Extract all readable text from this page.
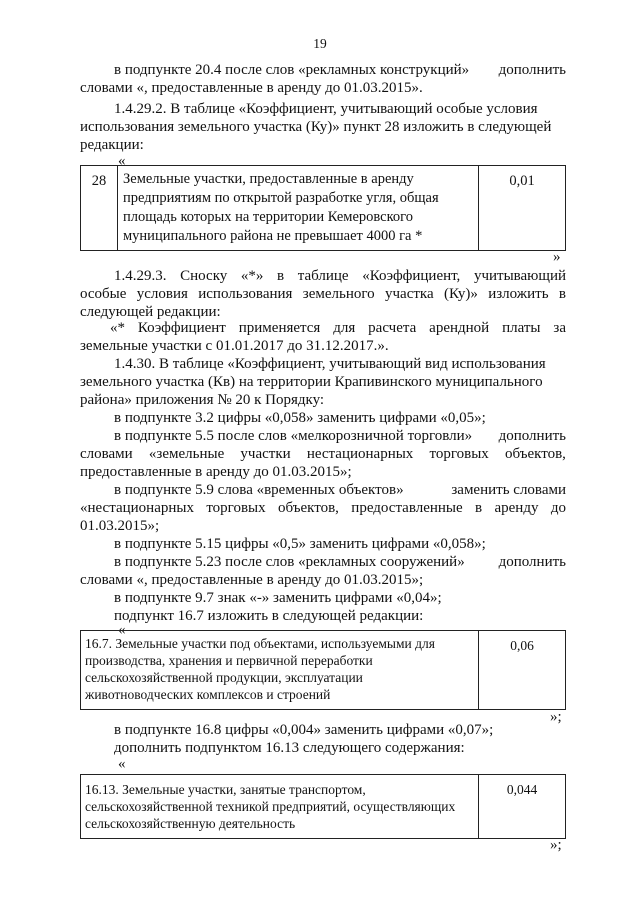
19
в подпункте 20.4 после слов «рекламных конструкций» дополнить
словами «, предоставленные в аренду до 01.03.2015».
1.4.29.2. В таблице «Коэффициент, учитывающий особые условия
использования земельного участка (Ку)» пункт 28 изложить в следующей
редакции:
«
28	Земельные участки, предоставленные в аренду
предприятиям по открытой разработке угля, общая
площадь которых на территории Кемеровского
муниципального района не превышает 4000 га *
	0,01
»
1.4.29.3. Сноску «*» в таблице «Коэффициент, учитывающий
особые условия использования земельного участка (Ку)» изложить в
следующей редакции:
«* Коэффициент применяется для расчета арендной платы за
земельные участки с 01.01.2017 до 31.12.2017.».
1.4.30. В таблице «Коэффициент, учитывающий вид использования
земельного участка (Кв) на территории Крапивинского муниципального
района» приложения № 20 к Порядку:
в подпункте 3.2 цифры «0,058» заменить цифрами «0,05»;
в подпункте 5.5 после слов «мелкорозничной торговли» дополнить
словами «земельные участки нестационарных торговых объектов,
предоставленные в аренду до 01.03.2015»;
в подпункте 5.9 слова «временных объектов»	заменить словами
«нестационарных торговых объектов, предоставленные в аренду до
01.03.2015»;
в подпункте 5.15 цифры «0,5» заменить цифрами «0,058»;
в подпункте 5.23 после слов «рекламных сооружений» дополнить
словами «, предоставленные в аренду до 01.03.2015»;
в подпункте 9.7 знак «-» заменить цифрами «0,04»;
подпункт 16.7 изложить в следующей редакции:
«
16.7. Земельные участки под объектами, используемыми для
производства, хранения и первичной переработки
сельскохозяйственной продукции, эксплуатации
животноводческих комплексов и строений
	0,06
»;
в подпункте 16.8 цифры «0,004» заменить цифрами «0,07»;
дополнить подпунктом 16.13 следующего содержания:
«
16.13. Земельные участки, занятые транспортом,
сельскохозяйственной техникой предприятий, осуществляющих
сельскохозяйственную деятельность
	0,044
»;
